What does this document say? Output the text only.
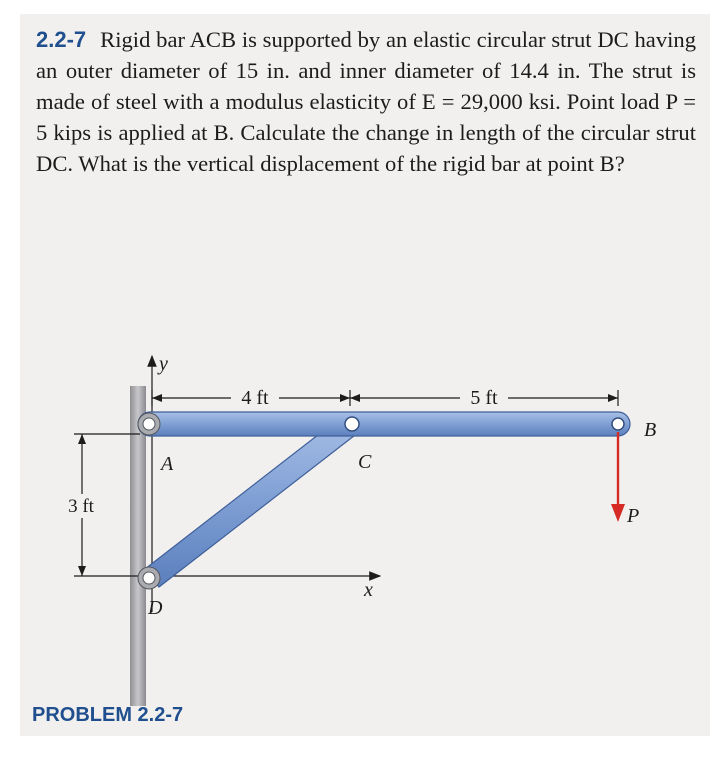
2.2-7 Rigid bar ACB is supported by an elastic circular strut DC having an outer diameter of 15 in. and inner diameter of 14.4 in. The strut is made of steel with a modulus elasticity of E = 29,000 ksi. Point load P = 5 kips is applied at B. Calculate the change in length of the circular strut DC. What is the vertical displacement of the rigid bar at point B?
4 ft	5 ft
y
x
3 ft	P
A
B
C
D
PROBLEM 2.2-7
